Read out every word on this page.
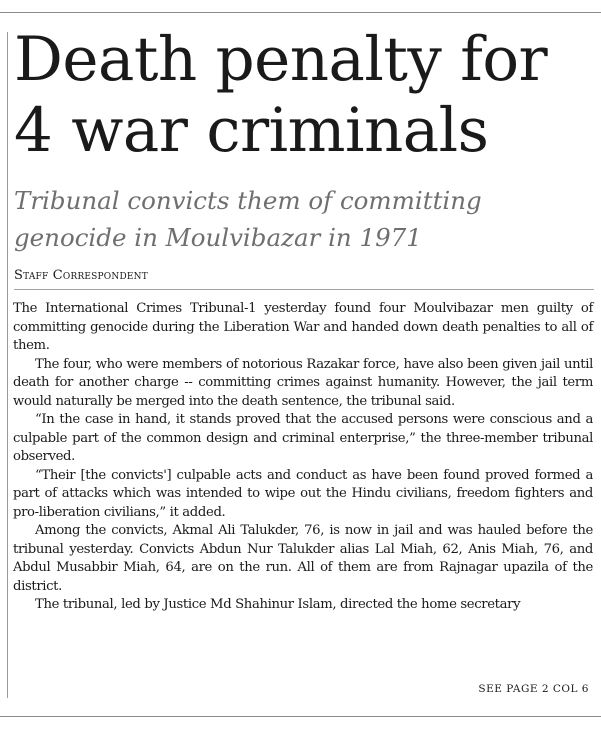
Death penalty for
4 war criminals
Tribunal convicts them of committing
genocide in Moulvibazar in 1971
Staff Correspondent

The International Crimes Tribunal-1 yesterday found four Moulvibazar men guilty of committing genocide during the Liberation War and handed down death penalties to all of them.

The four, who were members of notorious Razakar force, have also been given jail until death for another charge -- committing crimes against humanity. However, the jail term would naturally be merged into the death sentence, the tribunal said.

“In the case in hand, it stands proved that the accused persons were conscious and a culpable part of the common design and criminal enterprise,” the three-member tribunal observed.

“Their [the convicts'] culpable acts and conduct as have been found proved formed a part of attacks which was intended to wipe out the Hindu civilians, freedom fighters and pro-liberation civilians,” it added.

Among the convicts, Akmal Ali Talukder, 76, is now in jail and was hauled before the tribunal yesterday. Convicts Abdun Nur Talukder alias Lal Miah, 62, Anis Miah, 76, and Abdul Musabbir Miah, 64, are on the run. All of them are from Rajnagar upazila of the district.

The tribunal, led by Justice Md Shahinur Islam, directed the home secretary

SEE PAGE 2 COL 6
